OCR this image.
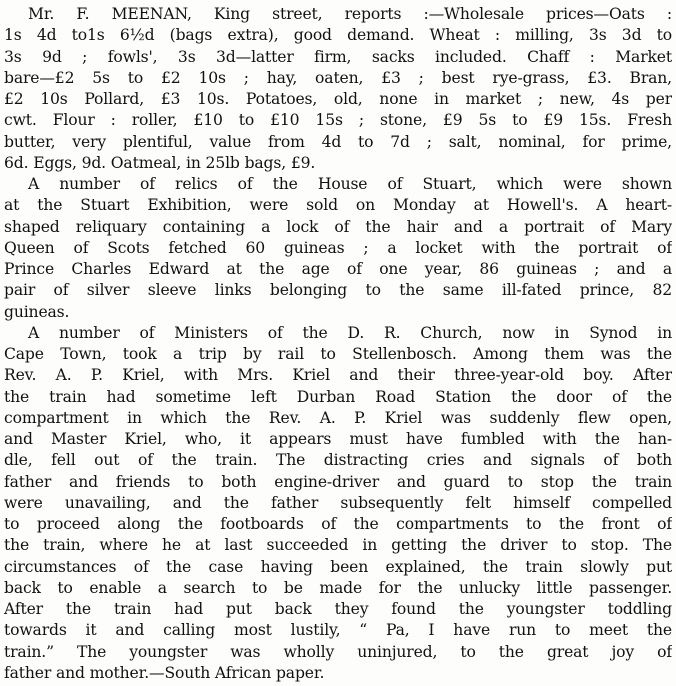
Mr. F. MEENAN, King street, reports :—Wholesale prices—Oats :
1s 4d to1s 6½d (bags extra), good demand. Wheat : milling, 3s 3d to
3s 9d ; fowls', 3s 3d—latter firm, sacks included. Chaff : Market
bare—£2 5s to £2 10s ; hay, oaten, £3 ; best rye-grass, £3. Bran,
£2 10s Pollard, £3 10s. Potatoes, old, none in market ; new, 4s per
cwt. Flour : roller, £10 to £10 15s ; stone, £9 5s to £9 15s. Fresh
butter, very plentiful, value from 4d to 7d ; salt, nominal, for prime,
6d. Eggs, 9d. Oatmeal, in 25lb bags, £9.
A number of relics of the House of Stuart, which were shown
at the Stuart Exhibition, were sold on Monday at Howell's. A heart-
shaped reliquary containing a lock of the hair and a portrait of Mary
Queen of Scots fetched 60 guineas ; a locket with the portrait of
Prince Charles Edward at the age of one year, 86 guineas ; and a
pair of silver sleeve links belonging to the same ill-fated prince, 82
guineas.
A number of Ministers of the D. R. Church, now in Synod in
Cape Town, took a trip by rail to Stellenbosch. Among them was the
Rev. A. P. Kriel, with Mrs. Kriel and their three-year-old boy. After
the train had sometime left Durban Road Station the door of the
compartment in which the Rev. A. P. Kriel was suddenly flew open,
and Master Kriel, who, it appears must have fumbled with the han-
dle, fell out of the train. The distracting cries and signals of both
father and friends to both engine-driver and guard to stop the train
were unavailing, and the father subsequently felt himself compelled
to proceed along the footboards of the compartments to the front of
the train, where he at last succeeded in getting the driver to stop. The
circumstances of the case having been explained, the train slowly put
back to enable a search to be made for the unlucky little passenger.
After the train had put back they found the youngster toddling
towards it and calling most lustily, “ Pa, I have run to meet the
train.” The youngster was wholly uninjured, to the great joy of
father and mother.—South African paper.
